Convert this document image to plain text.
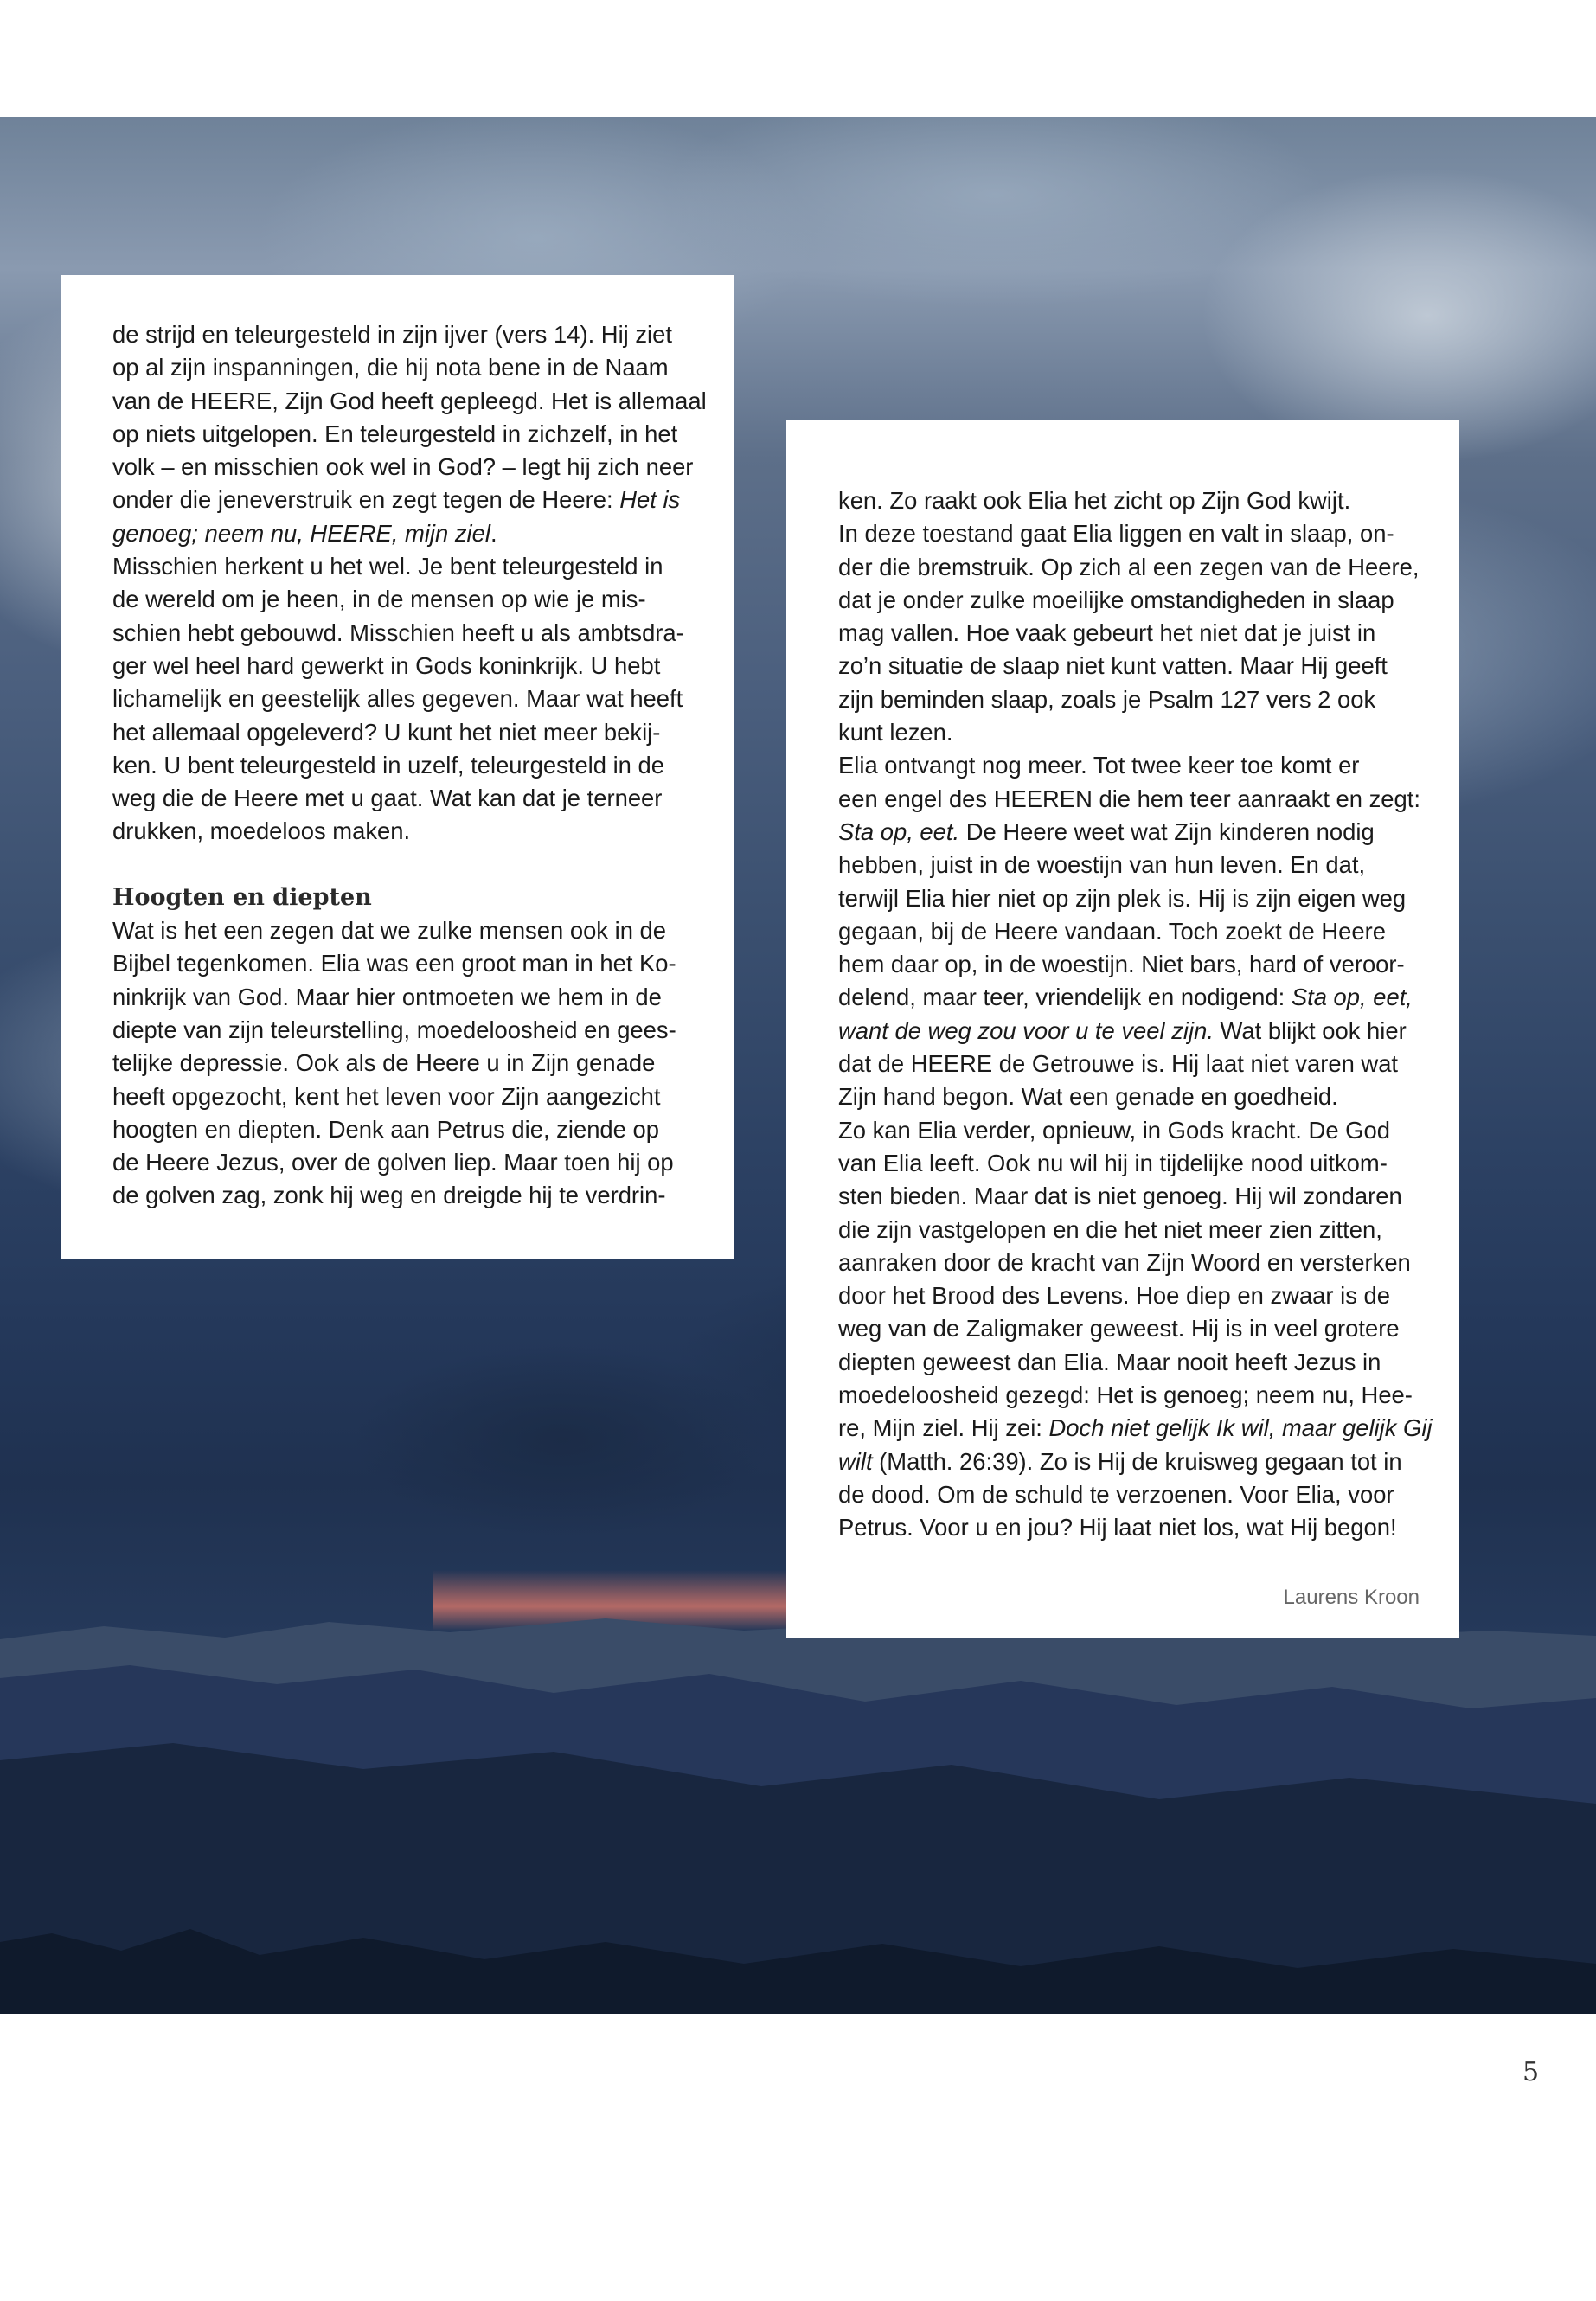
de strijd en teleurgesteld in zijn ijver (vers 14). Hij ziet
op al zijn inspanningen, die hij nota bene in de Naam
van de HEERE, Zijn God heeft gepleegd. Het is allemaal
op niets uitgelopen. En teleurgesteld in zichzelf, in het
volk – en misschien ook wel in God? – legt hij zich neer
onder die jeneverstruik en zegt tegen de Heere: Het is
genoeg; neem nu, HEERE, mijn ziel.
Misschien herkent u het wel. Je bent teleurgesteld in
de wereld om je heen, in de mensen op wie je mis-
schien hebt gebouwd. Misschien heeft u als ambtsdra-
ger wel heel hard gewerkt in Gods koninkrijk. U hebt
lichamelijk en geestelijk alles gegeven. Maar wat heeft
het allemaal opgeleverd? U kunt het niet meer bekij-
ken. U bent teleurgesteld in uzelf, teleurgesteld in de
weg die de Heere met u gaat. Wat kan dat je terneer
drukken, moedeloos maken.
Hoogten en diepten
Wat is het een zegen dat we zulke mensen ook in de
Bijbel tegenkomen. Elia was een groot man in het Ko-
ninkrijk van God. Maar hier ontmoeten we hem in de
diepte van zijn teleurstelling, moedeloosheid en gees-
telijke depressie. Ook als de Heere u in Zijn genade
heeft opgezocht, kent het leven voor Zijn aangezicht
hoogten en diepten. Denk aan Petrus die, ziende op
de Heere Jezus, over de golven liep. Maar toen hij op
de golven zag, zonk hij weg en dreigde hij te verdrin-
ken. Zo raakt ook Elia het zicht op Zijn God kwijt.
In deze toestand gaat Elia liggen en valt in slaap, on-
der die bremstruik. Op zich al een zegen van de Heere,
dat je onder zulke moeilijke omstandigheden in slaap
mag vallen. Hoe vaak gebeurt het niet dat je juist in
zo’n situatie de slaap niet kunt vatten. Maar Hij geeft
zijn beminden slaap, zoals je Psalm 127 vers 2 ook
kunt lezen.
Elia ontvangt nog meer. Tot twee keer toe komt er
een engel des HEEREN die hem teer aanraakt en zegt:
Sta op, eet. De Heere weet wat Zijn kinderen nodig
hebben, juist in de woestijn van hun leven. En dat,
terwijl Elia hier niet op zijn plek is. Hij is zijn eigen weg
gegaan, bij de Heere vandaan. Toch zoekt de Heere
hem daar op, in de woestijn. Niet bars, hard of veroor-
delend, maar teer, vriendelijk en nodigend: Sta op, eet,
want de weg zou voor u te veel zijn. Wat blijkt ook hier
dat de HEERE de Getrouwe is. Hij laat niet varen wat
Zijn hand begon. Wat een genade en goedheid.
Zo kan Elia verder, opnieuw, in Gods kracht. De God
van Elia leeft. Ook nu wil hij in tijdelijke nood uitkom-
sten bieden. Maar dat is niet genoeg. Hij wil zondaren
die zijn vastgelopen en die het niet meer zien zitten,
aanraken door de kracht van Zijn Woord en versterken
door het Brood des Levens. Hoe diep en zwaar is de
weg van de Zaligmaker geweest. Hij is in veel grotere
diepten geweest dan Elia. Maar nooit heeft Jezus in
moedeloosheid gezegd: Het is genoeg; neem nu, Hee-
re, Mijn ziel. Hij zei: Doch niet gelijk Ik wil, maar gelijk Gij
wilt (Matth. 26:39). Zo is Hij de kruisweg gegaan tot in
de dood. Om de schuld te verzoenen. Voor Elia, voor
Petrus. Voor u en jou? Hij laat niet los, wat Hij begon!
Laurens Kroon
5
